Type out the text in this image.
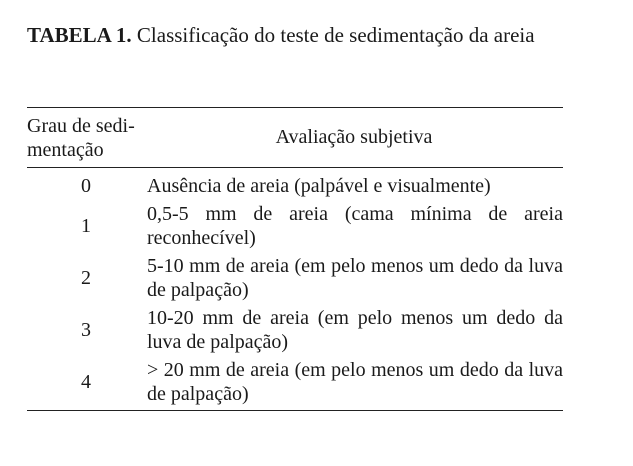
TABELA 1. Classificação do teste de sedimentação da areia
Grau de sedi-mentação	Avaliação subjetiva
0	Ausência de areia (palpável e visualmente)
1	0,5-5 mm de areia (cama mínima de areia reconhecível)
2	5-10 mm de areia (em pelo menos um dedo da luva de palpação)
3	10-20 mm de areia (em pelo menos um dedo da luva de palpação)
4	> 20 mm de areia (em pelo menos um dedo da luva de palpação)
